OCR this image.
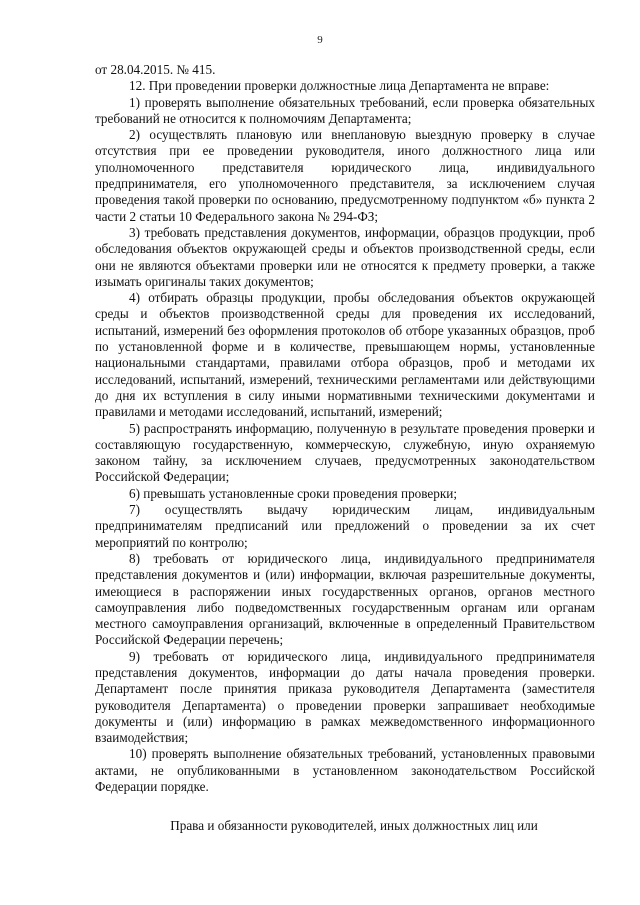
9

от 28.04.2015. № 415.

12. При проведении проверки должностные лица Департамента не вправе:

1) проверять выполнение обязательных требований, если проверка обязательных требований не относится к полномочиям Департамента;

2) осуществлять плановую или внеплановую выездную проверку в случае отсутствия при ее проведении руководителя, иного должностного лица или уполномоченного представителя юридического лица, индивидуального предпринимателя, его уполномоченного представителя, за исключением случая проведения такой проверки по основанию, предусмотренному подпунктом «б» пункта 2 части 2 статьи 10 Федерального закона № 294-ФЗ;

3) требовать представления документов, информации, образцов продукции, проб обследования объектов окружающей среды и объектов производственной среды, если они не являются объектами проверки или не относятся к предмету проверки, а также изымать оригиналы таких документов;

4) отбирать образцы продукции, пробы обследования объектов окружающей среды и объектов производственной среды для проведения их исследований, испытаний, измерений без оформления протоколов об отборе указанных образцов, проб по установленной форме и в количестве, превышающем нормы, установленные национальными стандартами, правилами отбора образцов, проб и методами их исследований, испытаний, измерений, техническими регламентами или действующими до дня их вступления в силу иными нормативными техническими документами и правилами и методами исследований, испытаний, измерений;

5) распространять информацию, полученную в результате проведения проверки и составляющую государственную, коммерческую, служебную, иную охраняемую законом тайну, за исключением случаев, предусмотренных законодательством Российской Федерации;

6) превышать установленные сроки проведения проверки;

7) осуществлять выдачу юридическим лицам, индивидуальным предпринимателям предписаний или предложений о проведении за их счет мероприятий по контролю;

8) требовать от юридического лица, индивидуального предпринимателя представления документов и (или) информации, включая разрешительные документы, имеющиеся в распоряжении иных государственных органов, органов местного самоуправления либо подведомственных государственным органам или органам местного самоуправления организаций, включенные в определенный Правительством Российской Федерации перечень;

9) требовать от юридического лица, индивидуального предпринимателя представления документов, информации до даты начала проведения проверки. Департамент после принятия приказа руководителя Департамента (заместителя руководителя Департамента) о проведении проверки запрашивает необходимые документы и (или) информацию в рамках межведомственного информационного взаимодействия;

10) проверять выполнение обязательных требований, установленных правовыми актами, не опубликованными в установленном законодательством Российской Федерации порядке.

Права и обязанности руководителей, иных должностных лиц или
